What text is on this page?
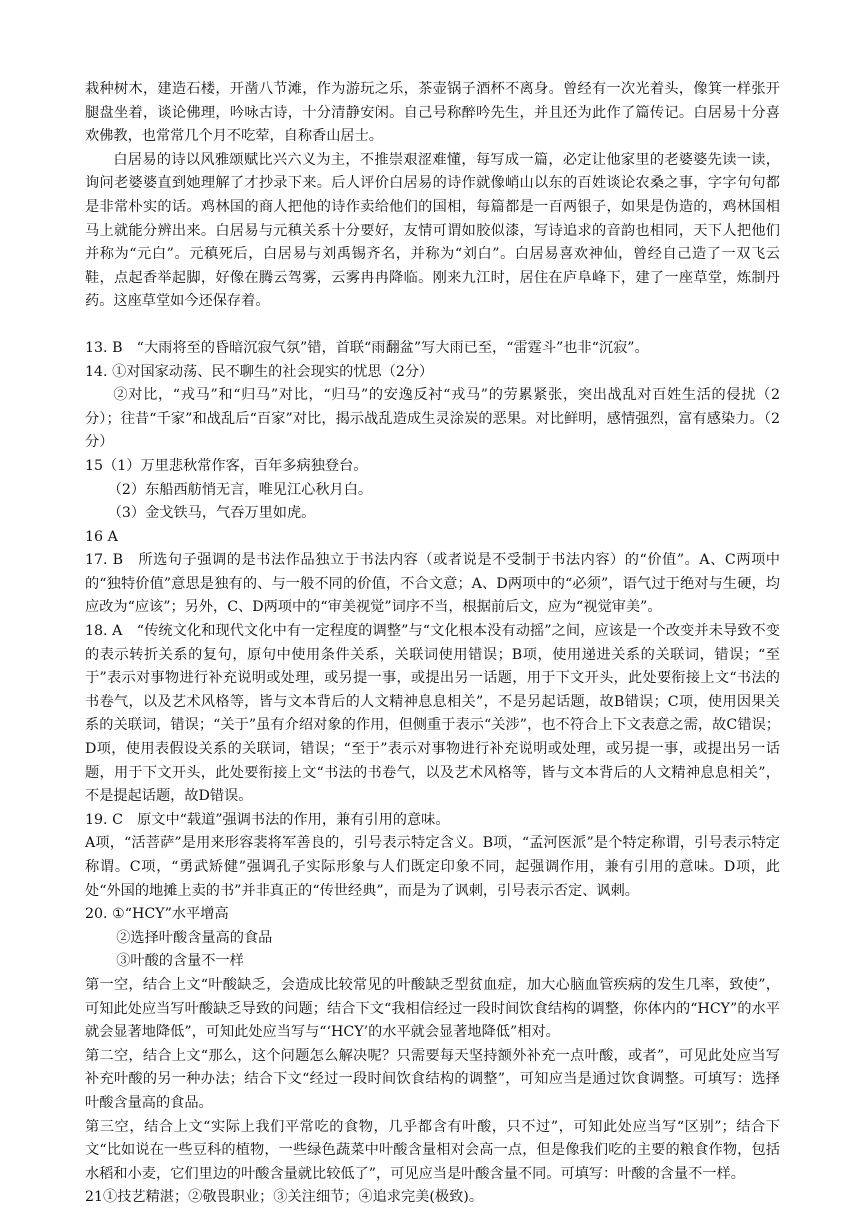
栽种树木，建造石楼，开凿八节滩，作为游玩之乐，茶壶锅子酒杯不离身。曾经有一次光着头，像箕一样张开腿盘坐着，谈论佛理，吟咏古诗，十分清静安闲。自己号称醉吟先生，并且还为此作了篇传记。白居易十分喜欢佛教，也常常几个月不吃荤，自称香山居士。

白居易的诗以风雅颂赋比兴六义为主，不推崇艰涩难懂，每写成一篇，必定让他家里的老婆婆先读一读，询问老婆婆直到她理解了才抄录下来。后人评价白居易的诗作就像峭山以东的百姓谈论农桑之事，字字句句都是非常朴实的话。鸡林国的商人把他的诗作卖给他们的国相，每篇都是一百两银子，如果是伪造的，鸡林国相马上就能分辨出来。白居易与元稹关系十分要好，友情可谓如胶似漆，写诗追求的音韵也相同，天下人把他们并称为“元白”。元稹死后，白居易与刘禹锡齐名，并称为“刘白”。白居易喜欢神仙，曾经自己造了一双飞云鞋，点起香举起脚，好像在腾云驾雾，云雾冉冉降临。刚来九江时，居住在庐阜峰下，建了一座草堂，炼制丹药。这座草堂如今还保存着。

13. B　“大雨将至的昏暗沉寂气氛”错，首联“雨翻盆”写大雨已至，“雷霆斗”也非“沉寂”。

14. ①对国家动荡、民不聊生的社会现实的忧思（2分）

②对比，“戎马”和“归马”对比，“归马”的安逸反衬“戎马”的劳累紧张，突出战乱对百姓生活的侵扰（2分）；往昔“千家”和战乱后“百家”对比，揭示战乱造成生灵涂炭的恶果。对比鲜明，感情强烈，富有感染力。（2分）

15（1）万里悲秋常作客，百年多病独登台。

（2）东船西舫悄无言，唯见江心秋月白。

（3）金戈铁马，气吞万里如虎。

16 A

17. B　所选句子强调的是书法作品独立于书法内容（或者说是不受制于书法内容）的“价值”。A、C两项中的“独特价值”意思是独有的、与一般不同的价值，不合文意；A、D两项中的“必须”，语气过于绝对与生硬，均应改为“应该”；另外，C、D两项中的“审美视觉”词序不当，根据前后文，应为“视觉审美”。

18. A　“传统文化和现代文化中有一定程度的调整”与“文化根本没有动摇”之间，应该是一个改变并未导致不变的表示转折关系的复句，原句中使用条件关系，关联词使用错误；B项，使用递进关系的关联词，错误；“至于”表示对事物进行补充说明或处理，或另提一事，或提出另一话题，用于下文开头，此处要衔接上文“书法的书卷气，以及艺术风格等，皆与文本背后的人文精神息息相关”，不是另起话题，故B错误；C项，使用因果关系的关联词，错误；“关于”虽有介绍对象的作用，但侧重于表示“关涉”，也不符合上下文表意之需，故C错误；D项，使用表假设关系的关联词，错误；“至于”表示对事物进行补充说明或处理，或另提一事，或提出另一话题，用于下文开头，此处要衔接上文“书法的书卷气，以及艺术风格等，皆与文本背后的人文精神息息相关”，不是提起话题，故D错误。

19. C　原文中“载道”强调书法的作用，兼有引用的意味。

A项，“活菩萨”是用来形容裴将军善良的，引号表示特定含义。B项，“孟河医派”是个特定称谓，引号表示特定称谓。C项，“勇武矫健”强调孔子实际形象与人们既定印象不同，起强调作用，兼有引用的意味。D项，此处“外国的地摊上卖的书”并非真正的“传世经典”，而是为了讽刺，引号表示否定、讽刺。

20. ①“HCY”水平增高

②选择叶酸含量高的食品

③叶酸的含量不一样

第一空，结合上文“叶酸缺乏，会造成比较常见的叶酸缺乏型贫血症，加大心脑血管疾病的发生几率，致使”，可知此处应当写叶酸缺乏导致的问题；结合下文“我相信经过一段时间饮食结构的调整，你体内的“HCY”的水平就会显著地降低”，可知此处应当写与“‘HCY’的水平就会显著地降低”相对。

第二空，结合上文“那么，这个问题怎么解决呢？只需要每天坚持额外补充一点叶酸，或者”，可见此处应当写补充叶酸的另一种办法；结合下文“经过一段时间饮食结构的调整”，可知应当是通过饮食调整。可填写：选择叶酸含量高的食品。

第三空，结合上文“实际上我们平常吃的食物，几乎都含有叶酸，只不过”，可知此处应当写“区别”；结合下文“比如说在一些豆科的植物，一些绿色蔬菜中叶酸含量相对会高一点，但是像我们吃的主要的粮食作物，包括水稻和小麦，它们里边的叶酸含量就比较低了”，可见应当是叶酸含量不同。可填写：叶酸的含量不一样。

21①技艺精湛；②敬畏职业；③关注细节；④追求完美(极致)。
